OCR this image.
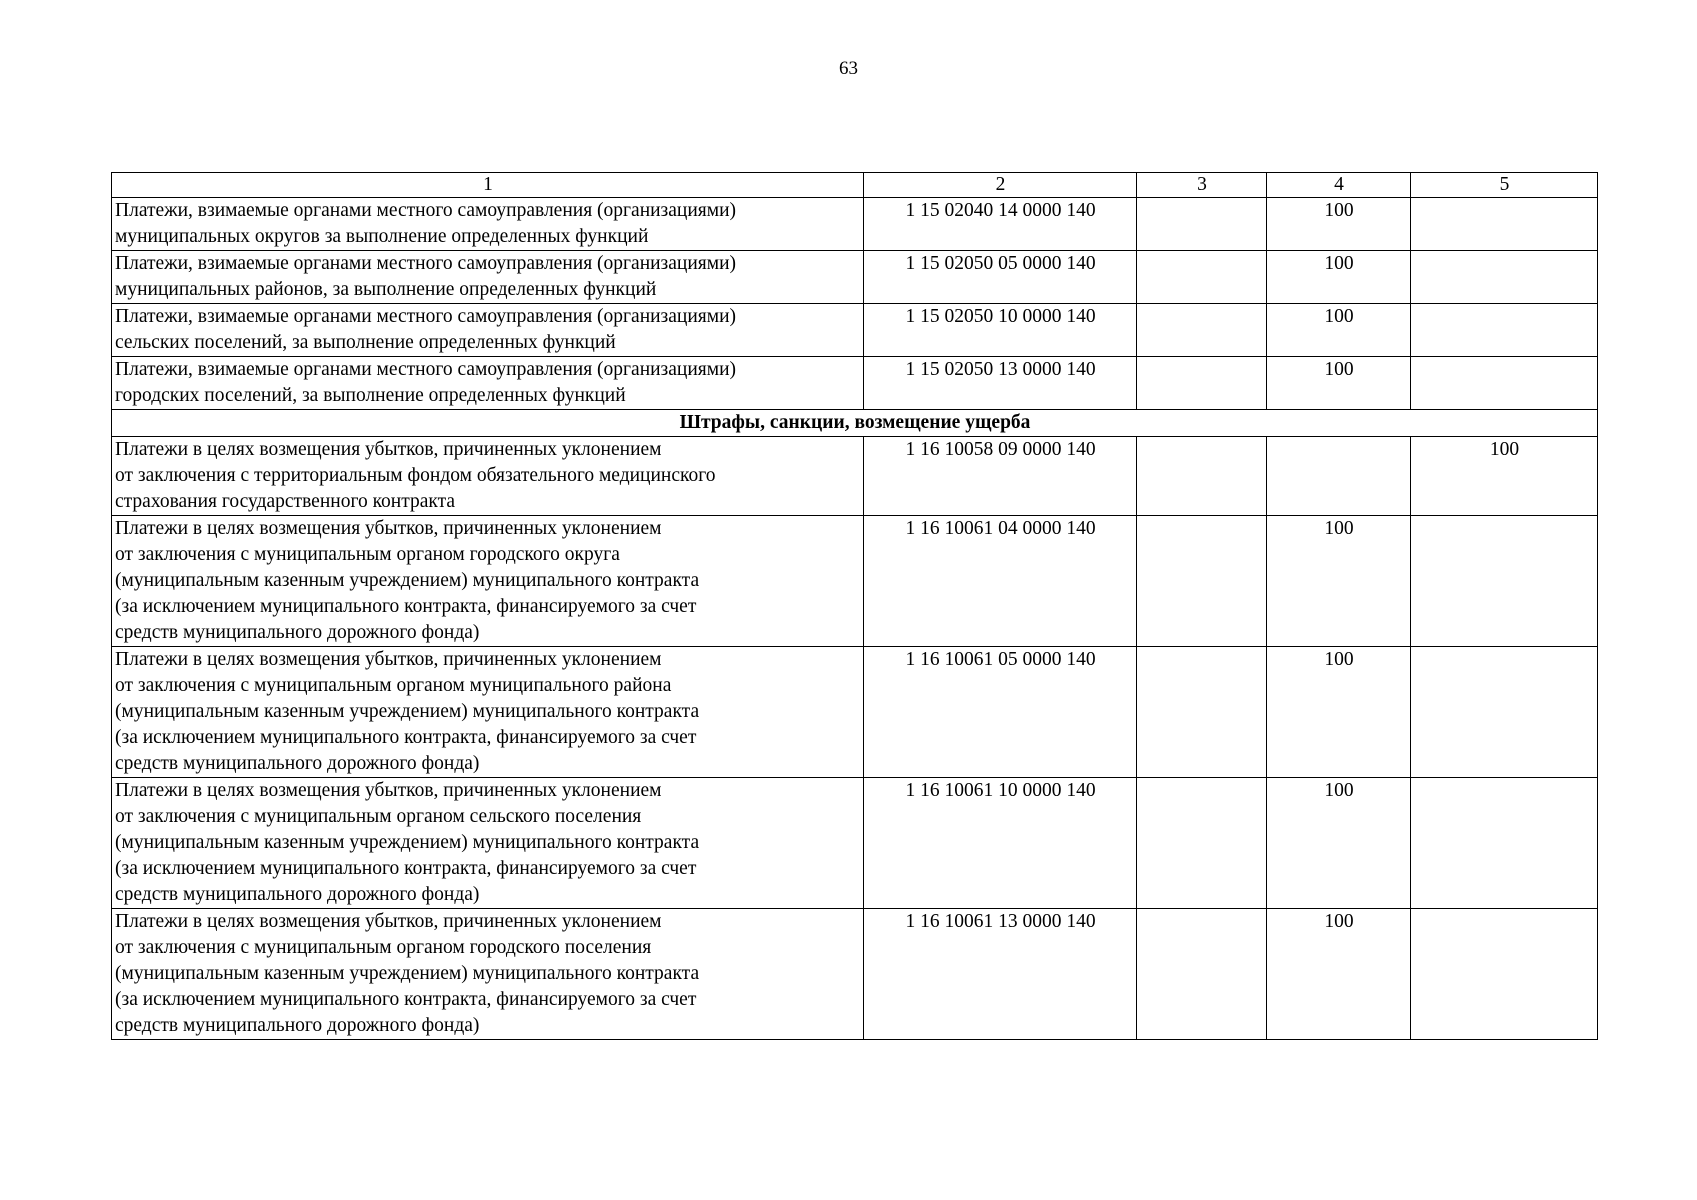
63
1	2	3	4	5

Платежи, взимаемые органами местного самоуправления (организациями)
муниципальных округов за выполнение определенных функций	1 15 02040 14 0000 140		100	

Платежи, взимаемые органами местного самоуправления (организациями)
муниципальных районов, за выполнение определенных функций	1 15 02050 05 0000 140		100	

Платежи, взимаемые органами местного самоуправления (организациями)
сельских поселений, за выполнение определенных функций	1 15 02050 10 0000 140		100	

Платежи, взимаемые органами местного самоуправления (организациями)
городских поселений, за выполнение определенных функций	1 15 02050 13 0000 140		100	
Штрафы, санкции, возмещение ущерба				

Платежи в целях возмещения убытков, причиненных уклонением
от заключения с территориальным фондом обязательного медицинского
страхования государственного контракта	1 16 10058 09 0000 140			100

Платежи в целях возмещения убытков, причиненных уклонением
от заключения с муниципальным органом городского округа
(муниципальным казенным учреждением) муниципального контракта
(за исключением муниципального контракта, финансируемого за счет
средств муниципального дорожного фонда)	1 16 10061 04 0000 140		100	

Платежи в целях возмещения убытков, причиненных уклонением
от заключения с муниципальным органом муниципального района
(муниципальным казенным учреждением) муниципального контракта
(за исключением муниципального контракта, финансируемого за счет
средств муниципального дорожного фонда)	1 16 10061 05 0000 140		100	

Платежи в целях возмещения убытков, причиненных уклонением
от заключения с муниципальным органом сельского поселения
(муниципальным казенным учреждением) муниципального контракта
(за исключением муниципального контракта, финансируемого за счет
средств муниципального дорожного фонда)	1 16 10061 10 0000 140		100	

Платежи в целях возмещения убытков, причиненных уклонением
от заключения с муниципальным органом городского поселения
(муниципальным казенным учреждением) муниципального контракта
(за исключением муниципального контракта, финансируемого за счет
средств муниципального дорожного фонда)	1 16 10061 13 0000 140		100	
